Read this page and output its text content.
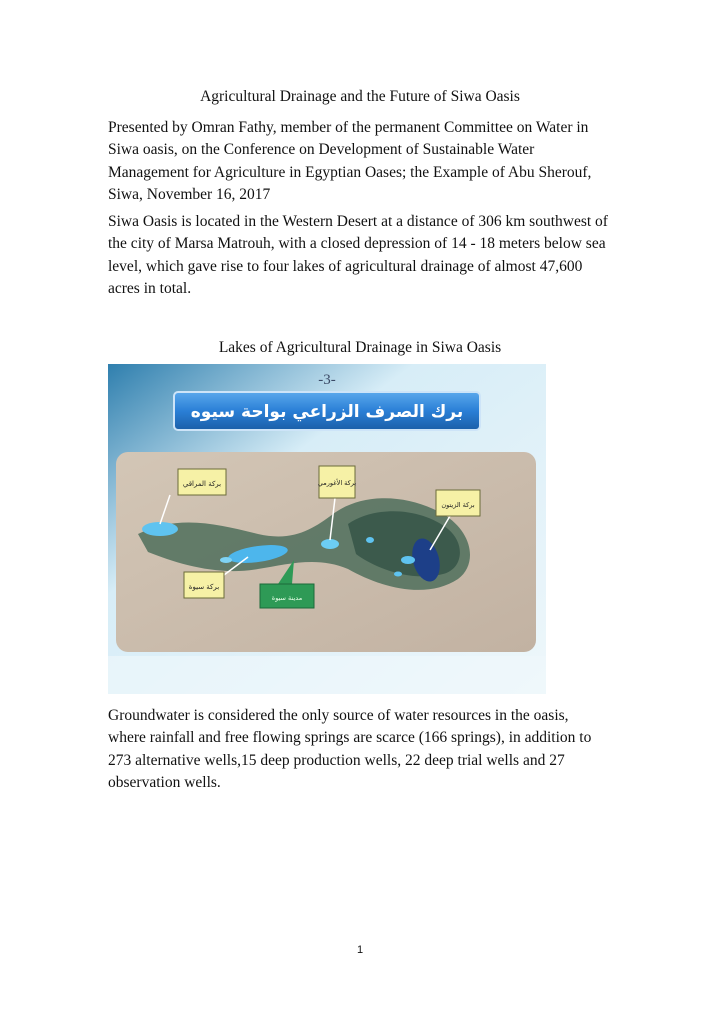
Agricultural Drainage and the Future of Siwa Oasis

Presented by Omran Fathy, member of the permanent Committee on Water in Siwa oasis, on the Conference on Development of Sustainable Water Management for Agriculture in Egyptian Oases; the Example of Abu Sherouf, Siwa, November 16, 2017

Siwa Oasis is located in the Western Desert at a distance of 306 km southwest of the city of Marsa Matrouh, with a closed depression of 14 - 18 meters below sea level, which gave rise to four lakes of agricultural drainage of almost 47,600 acres in total.

Lakes of Agricultural Drainage in Siwa Oasis
-3-
برك الصرف الزراعي بواحة سيوه
بركة المراقي	بركة الأغورمي
بركة الزيتون
بركة سيوة
مدينة سيوة

Groundwater is considered the only source of water resources in the oasis, where rainfall and free flowing springs are scarce (166 springs), in addition to 273 alternative wells,15 deep production wells, 22 deep trial wells and 27 observation wells.

1
